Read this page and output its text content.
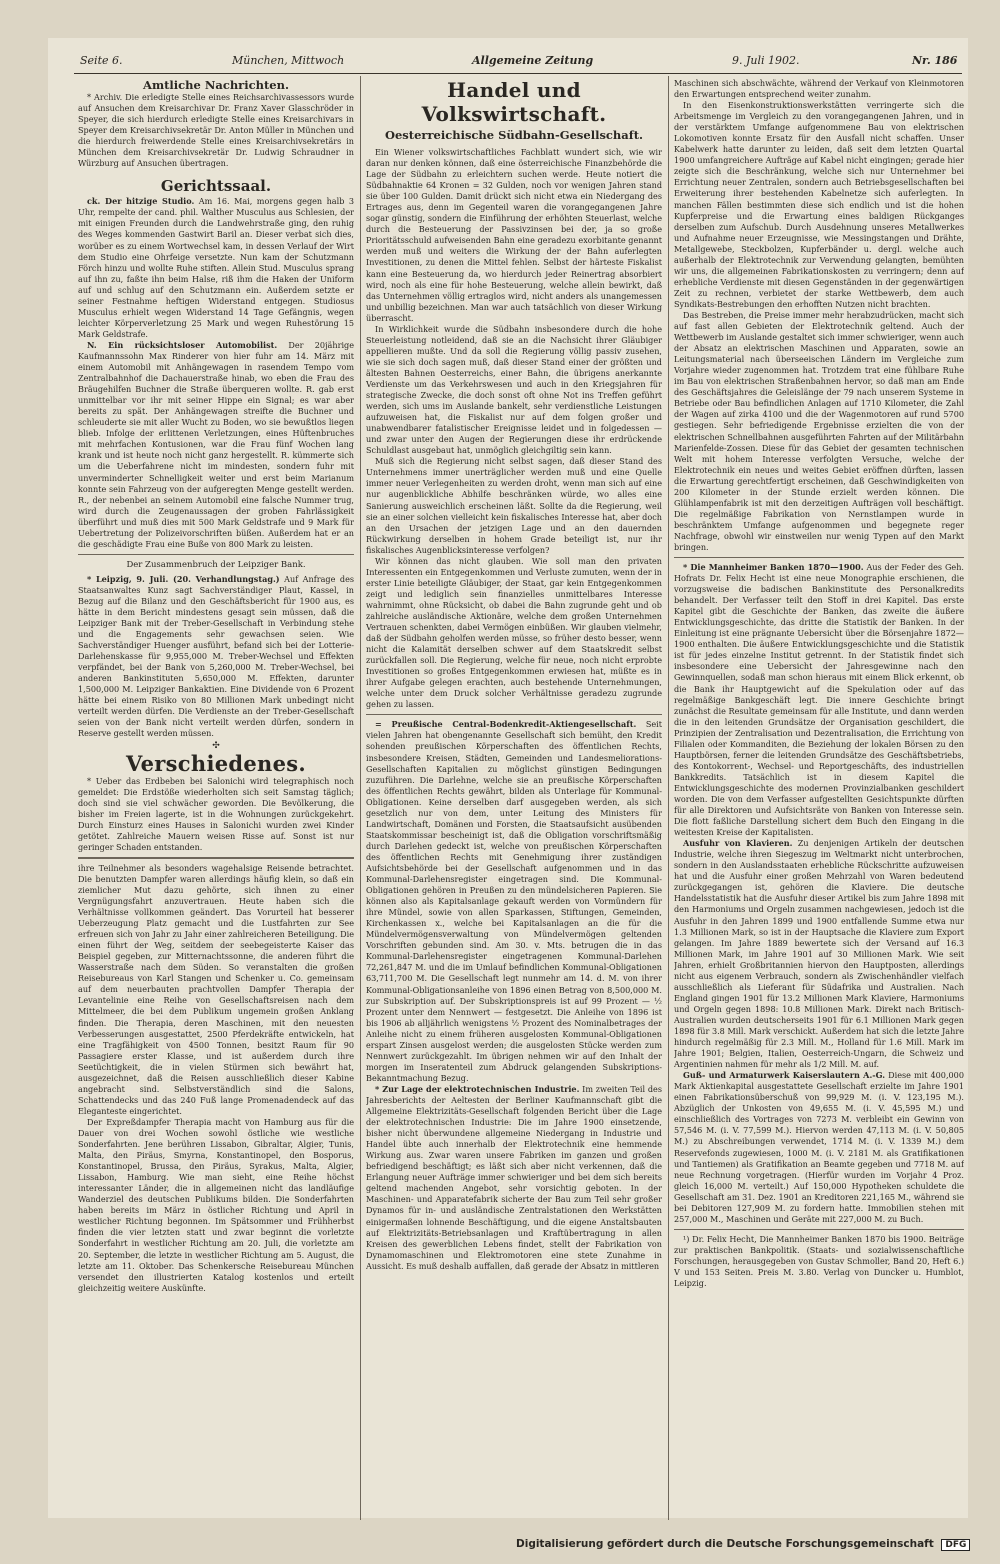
Seite 6.	München, Mittwoch	Allgemeine Zeitung	9. Juli 1902.	Nr. 186
Amtliche Nachrichten.

* Archiv. Die erledigte Stelle eines Reichsarchivassessors wurde auf Ansuchen dem Kreisarchivar Dr. Franz Xaver Glasschröder in Speyer, die sich hierdurch erledigte Stelle eines Kreisarchivars in Speyer dem Kreisarchivsekretär Dr. Anton Müller in München und die hierdurch freiwerdende Stelle eines Kreisarchivsekretärs in München dem Kreisarchivsekretär Dr. Ludwig Schraudner in Würzburg auf Ansuchen übertragen.

Gerichtssaal.

ck. Der hitzige Studio. Am 16. Mai, morgens gegen halb 3 Uhr, rempelte der cand. phil. Walther Musculus aus Schlesien, der mit einigen Freunden durch die Landwehrstraße ging, den ruhig des Weges kommenden Gastwirt Baril an. Dieser verbat sich dies, worüber es zu einem Wortwechsel kam, in dessen Verlauf der Wirt dem Studio eine Ohrfeige versetzte. Nun kam der Schutzmann Förch hinzu und wollte Ruhe stiften. Allein Stud. Musculus sprang auf ihn zu, faßte ihn beim Halse, riß ihm die Haken der Uniform auf und schlug auf den Schutzmann ein. Außerdem setzte er seiner Festnahme heftigen Widerstand entgegen. Studiosus Musculus erhielt wegen Widerstand 14 Tage Gefängnis, wegen leichter Körperverletzung 25 Mark und wegen Ruhestörung 15 Mark Geldstrafe.

N. Ein rücksichtsloser Automobilist. Der 20jährige Kaufmannssohn Max Rinderer von hier fuhr am 14. März mit einem Automobil mit Anhängewagen in rasendem Tempo vom Zentralbahnhof die Dachauerstraße hinab, wo eben die Frau des Bräugehilfen Buchner die Straße überqueren wollte. R. gab erst unmittelbar vor ihr mit seiner Hippe ein Signal; es war aber bereits zu spät. Der Anhängewagen streifte die Buchner und schleuderte sie mit aller Wucht zu Boden, wo sie bewußtlos liegen blieb. Infolge der erlittenen Verletzungen, eines Hüftenbruches mit mehrfachen Kontusionen, war die Frau fünf Wochen lang krank und ist heute noch nicht ganz hergestellt. R. kümmerte sich um die Ueberfahrene nicht im mindesten, sondern fuhr mit unverminderter Schnelligkeit weiter und erst beim Marianum konnte sein Fahrzeug von der aufgeregten Menge gestellt werden. R., der nebenbei an seinem Automobil eine falsche Nummer trug, wird durch die Zeugenaussagen der groben Fahrlässigkeit überführt und muß dies mit 500 Mark Geldstrafe und 9 Mark für Uebertretung der Polizeivorschriften büßen. Außerdem hat er an die geschädigte Frau eine Buße von 800 Mark zu leisten.

Der Zusammenbruch der Leipziger Bank.

* Leipzig, 9. Juli. (20. Verhandlungstag.) Auf Anfrage des Staatsanwaltes Kunz sagt Sachverständiger Plaut, Kassel, in Bezug auf die Bilanz und den Geschäftsbericht für 1900 aus, es hätte in dem Bericht mindestens gesagt sein müssen, daß die Leipziger Bank mit der Treber-Gesellschaft in Verbindung stehe und die Engagements sehr gewachsen seien. Wie Sachverständiger Huenger ausführt, befand sich bei der Lotterie-Darlehenskasse für 9,955,000 M. Treber-Wechsel und Effekten verpfändet, bei der Bank von 5,260,000 M. Treber-Wechsel, bei anderen Bankinstituten 5,650,000 M. Effekten, darunter 1,500,000 M. Leipziger Bankaktien. Eine Dividende von 6 Prozent hätte bei einem Risiko von 80 Millionen Mark unbedingt nicht verteilt werden dürfen. Die Verdienste an der Treber-Gesellschaft seien von der Bank nicht verteilt werden dürfen, sondern in Reserve gestellt werden müssen.

✣
Verschiedenes.

* Ueber das Erdbeben bei Salonichi wird telegraphisch noch gemeldet: Die Erdstöße wiederholten sich seit Samstag täglich; doch sind sie viel schwächer geworden. Die Bevölkerung, die bisher im Freien lagerte, ist in die Wohnungen zurückgekehrt. Durch Einsturz eines Hauses in Salonichi wurden zwei Kinder getötet. Zahlreiche Mauern weisen Risse auf. Sonst ist nur geringer Schaden entstanden.

ihre Teilnehmer als besonders wagehalsige Reisende betrachtet. Die benutzten Dampfer waren allerdings häufig klein, so daß ein ziemlicher Mut dazu gehörte, sich ihnen zu einer Vergnügungsfahrt anzuvertrauen. Heute haben sich die Verhältnisse vollkommen geändert. Das Vorurteil hat besserer Ueberzeugung Platz gemacht und die Lustfahrten zur See erfreuen sich von Jahr zu Jahr einer zahlreicheren Beteiligung. Die einen führt der Weg, seitdem der seebegeisterte Kaiser das Beispiel gegeben, zur Mitternachtssonne, die anderen führt die Wasserstraße nach dem Süden. So veranstalten die großen Reisebureaus von Karl Stangen und Schenker u. Co. gemeinsam auf dem neuerbauten prachtvollen Dampfer Therapia der Levantelinie eine Reihe von Gesellschaftsreisen nach dem Mittelmeer, die bei dem Publikum ungemein großen Anklang finden. Die Therapia, deren Maschinen, mit den neuesten Verbesserungen ausgestattet, 2500 Pferdekräfte entwickeln, hat eine Tragfähigkeit von 4500 Tonnen, besitzt Raum für 90 Passagiere erster Klasse, und ist außerdem durch ihre Seetüchtigkeit, die in vielen Stürmen sich bewährt hat, ausgezeichnet, daß die Reisen ausschließlich dieser Kabine angebracht sind. Selbstverständlich sind die Salons, Schattendecks und das 240 Fuß lange Promenadendeck auf das Eleganteste eingerichtet.

Der Expreßdampfer Therapia macht von Hamburg aus für die Dauer von drei Wochen sowohl östliche wie westliche Sonderfahrten. Jene berühren Lissabon, Gibraltar, Algier, Tunis, Malta, den Piräus, Smyrna, Konstantinopel, den Bosporus, Konstantinopel, Brussa, den Piräus, Syrakus, Malta, Algier, Lissabon, Hamburg. Wie man sieht, eine Reihe höchst interessanter Länder, die in allgemeinen nicht das landläufige Wanderziel des deutschen Publikums bilden. Die Sonderfahrten haben bereits im März in östlicher Richtung und April in westlicher Richtung begonnen. Im Spätsommer und Frühherbst finden die vier letzten statt und zwar beginnt die vorletzte Sonderfahrt in westlicher Richtung am 20. Juli, die vorletzte am 20. September, die letzte in westlicher Richtung am 5. August, die letzte am 11. Oktober. Das Schenkersche Reisebureau München versendet den illustrierten Katalog kostenlos und erteilt gleichzeitig weitere Auskünfte.

Handel und Volkswirtschaft.
Oesterreichische Südbahn-Gesellschaft.

Ein Wiener volkswirtschaftliches Fachblatt wundert sich, wie wir daran nur denken können, daß eine österreichische Finanzbehörde die Lage der Südbahn zu erleichtern suchen werde. Heute notiert die Südbahnaktie 64 Kronen = 32 Gulden, noch vor wenigen Jahren stand sie über 100 Gulden. Damit drückt sich nicht etwa ein Niedergang des Ertrages aus, denn im Gegenteil waren die vorangegangenen Jahre sogar günstig, sondern die Einführung der erhöhten Steuerlast, welche durch die Besteuerung der Passivzinsen bei der, ja so große Prioritätsschuld aufweisenden Bahn eine geradezu exorbitante genannt werden muß und weiters die Wirkung der der Bahn auferlegten Investitionen, zu denen die Mittel fehlen. Selbst der härteste Fiskalist kann eine Besteuerung da, wo hierdurch jeder Reinertrag absorbiert wird, noch als eine für hohe Besteuerung, welche allein bewirkt, daß das Unternehmen völlig ertraglos wird, nicht anders als unangemessen und unbillig bezeichnen. Man war auch tatsächlich von dieser Wirkung überrascht.

In Wirklichkeit wurde die Südbahn insbesondere durch die hohe Steuerleistung notleidend, daß sie an die Nachsicht ihrer Gläubiger appellieren mußte. Und da soll die Regierung völlig passiv zusehen, wie sie sich doch sagen muß, daß dieser Stand einer der größten und ältesten Bahnen Oesterreichs, einer Bahn, die übrigens anerkannte Verdienste um das Verkehrswesen und auch in den Kriegsjahren für strategische Zwecke, die doch sonst oft ohne Not ins Treffen geführt werden, sich ums im Auslande bankelt, sehr verdienstliche Leistungen aufzuweisen hat, die Fiskalist nur auf dem folgen großer und unabwendbarer fatalistischer Ereignisse leidet und in folgedessen — und zwar unter den Augen der Regierungen diese ihr erdrückende Schuldlast ausgebaut hat, unmöglich gleichgiltig sein kann.

Muß sich die Regierung nicht selbst sagen, daß dieser Stand des Unternehmens immer unerträglicher werden muß und eine Quelle immer neuer Verlegenheiten zu werden droht, wenn man sich auf eine nur augenblickliche Abhilfe beschränken würde, wo alles eine Sanierung ausweichlich erscheinen läßt. Sollte da die Regierung, weil sie an einer solchen vielleicht kein fiskalisches Interesse hat, aber doch an den Ursachen der jetzigen Lage und an den dauernden Rückwirkung derselben in hohem Grade beteiligt ist, nur ihr fiskalisches Augenblicksinteresse verfolgen?

Wir können das nicht glauben. Wie soll man den privaten Interessenten ein Entgegenkommen und Verluste zumuten, wenn der in erster Linie beteiligte Gläubiger, der Staat, gar kein Entgegenkommen zeigt und lediglich sein finanzielles unmittelbares Interesse wahrnimmt, ohne Rücksicht, ob dabei die Bahn zugrunde geht und ob zahlreiche ausländische Aktionäre, welche dem großen Unternehmen Vertrauen schenkten, dabei Vermögen einbüßen. Wir glauben vielmehr, daß der Südbahn geholfen werden müsse, so früher desto besser, wenn nicht die Kalamität derselben schwer auf dem Staatskredit selbst zurückfallen soll. Die Regierung, welche für neue, noch nicht erprobte Investitionen so großes Entgegenkommen erwiesen hat, müßte es in ihrer Aufgabe gelegen erachten, auch bestehende Unternehmungen, welche unter dem Druck solcher Verhältnisse geradezu zugrunde gehen zu lassen.

= Preußische Central-Bodenkredit-Aktiengesellschaft. Seit vielen Jahren hat obengenannte Gesellschaft sich bemüht, den Kredit sohenden preußischen Körperschaften des öffentlichen Rechts, insbesondere Kreisen, Städten, Gemeinden und Landesmeliorations-Gesellschaften Kapitalien zu möglichst günstigen Bedingungen zuzuführen. Die Darlehne, welche sie an preußische Körperschaften des öffentlichen Rechts gewährt, bilden als Unterlage für Kommunal-Obligationen. Keine derselben darf ausgegeben werden, als sich gesetzlich nur von dem, unter Leitung des Ministers für Landwirtschaft, Domänen und Forsten, die Staatsaufsicht ausübenden Staatskommissar bescheinigt ist, daß die Obligation vorschriftsmäßig durch Darlehen gedeckt ist, welche von preußischen Körperschaften des öffentlichen Rechts mit Genehmigung ihrer zuständigen Aufsichtsbehörde bei der Gesellschaft aufgenommen und in das Kommunal-Darlehensregister eingetragen sind. Die Kommunal-Obligationen gehören in Preußen zu den mündelsicheren Papieren. Sie können also als Kapitalsanlage gekauft werden von Vormündern für ihre Mündel, sowie von allen Sparkassen, Stiftungen, Gemeinden, Kirchenkassen x., welche bei Kapitalsanlagen an die für die Mündelvermögensverwaltung von Mündelvermögen geltenden Vorschriften gebunden sind. Am 30. v. Mts. betrugen die in das Kommunal-Darlehensregister eingetragenen Kommunal-Darlehen 72,261,847 M. und die im Umlauf befindlichen Kommunal-Obligationen 63,711,700 M. Die Gesellschaft legt nunmehr am 14. d. M. von ihrer Kommunal-Obligationsanleihe von 1896 einen Betrag von 8,500,000 M. zur Subskription auf. Der Subskriptionspreis ist auf 99 Prozent — ½ Prozent unter dem Nennwert — festgesetzt. Die Anleihe von 1896 ist bis 1906 ab alljährlich wenigstens ½ Prozent des Nominalbetrages der Anleihe nicht zu einem früheren ausgelosten Kommunal-Obligationen erspart Zinsen ausgelost werden; die ausgelosten Stücke werden zum Nennwert zurückgezahlt. Im übrigen nehmen wir auf den Inhalt der morgen im Inseratenteil zum Abdruck gelangenden Subskriptions-Bekanntmachung Bezug.

* Zur Lage der elektrotechnischen Industrie. Im zweiten Teil des Jahresberichts der Aeltesten der Berliner Kaufmannschaft gibt die Allgemeine Elektrizitäts-Gesellschaft folgenden Bericht über die Lage der elektrotechnischen Industrie: Die im Jahre 1900 einsetzende, bisher nicht überwundene allgemeine Niedergang in Industrie und Handel übte auch innerhalb der Elektrotechnik eine hemmende Wirkung aus. Zwar waren unsere Fabriken im ganzen und großen befriedigend beschäftigt; es läßt sich aber nicht verkennen, daß die Erlangung neuer Aufträge immer schwieriger und bei dem sich bereits geltend machenden Angebot, sehr vorsichtig geboten. In der Maschinen- und Apparatefabrik sicherte der Bau zum Teil sehr großer Dynamos für in- und ausländische Zentralstationen den Werkstätten einigermaßen lohnende Beschäftigung, und die eigene Anstaltsbauten auf Elektrizitäts-Betriebsanlagen und Kraftübertragung in allen Kreisen des gewerblichen Lebens findet, stellt der Fabrikation von Dynamomaschinen und Elektromotoren eine stete Zunahme in Aussicht. Es muß deshalb auffallen, daß gerade der Absatz in mittleren

Maschinen sich abschwächte, während der Verkauf von Kleinmotoren den Erwartungen entsprechend weiter zunahm.

In den Eisenkonstruktionswerkstätten verringerte sich die Arbeitsmenge im Vergleich zu den vorangegangenen Jahren, und in der verstärktem Umfange aufgenommene Bau von elektrischen Lokomotiven konnte Ersatz für den Ausfall nicht schaffen. Unser Kabelwerk hatte darunter zu leiden, daß seit dem letzten Quartal 1900 umfangreichere Aufträge auf Kabel nicht eingingen; gerade hier zeigte sich die Beschränkung, welche sich nur Unternehmer bei Errichtung neuer Zentralen, sondern auch Betriebsgesellschaften bei Erweiterung ihrer bestehenden Kabelnetze sich auferlegten. In manchen Fällen bestimmten diese sich endlich und ist die hohen Kupferpreise und die Erwartung eines baldigen Rückganges derselben zum Aufschub. Durch Ausdehnung unseres Metallwerkes und Aufnahme neuer Erzeugnisse, wie Messingstangen und Drähte, Metallgewebe, Steckbolzen, Kupferbänder u. dergl. welche auch außerhalb der Elektrotechnik zur Verwendung gelangten, bemühten wir uns, die allgemeinen Fabrikationskosten zu verringern; denn auf erhebliche Verdienste mit diesen Gegenständen in der gegenwärtigen Zeit zu rechnen, verbietet der starke Wettbewerb, dem auch Syndikats-Bestrebungen den erhofften Nutzen nicht brachten.

Das Bestreben, die Preise immer mehr herabzudrücken, macht sich auf fast allen Gebieten der Elektrotechnik geltend. Auch der Wettbewerb im Auslande gestaltet sich immer schwieriger, wenn auch der Absatz an elektrischen Maschinen und Apparaten, sowie an Leitungsmaterial nach überseeischen Ländern im Vergleiche zum Vorjahre wieder zugenommen hat. Trotzdem trat eine fühlbare Ruhe im Bau von elektrischen Straßenbahnen hervor, so daß man am Ende des Geschäftsjahres die Geleislänge der 79 nach unserem Systeme in Betriebe oder Bau befindlichen Anlagen auf 1710 Kilometer, die Zahl der Wagen auf zirka 4100 und die der Wagenmotoren auf rund 5700 gestiegen. Sehr befriedigende Ergebnisse erzielten die von der elektrischen Schnellbahnen ausgeführten Fahrten auf der Militärbahn Marienfelde-Zossen. Diese für das Gebiet der gesamten technischen Welt mit hohem Interesse verfolgten Versuche, welche der Elektrotechnik ein neues und weites Gebiet eröffnen dürften, lassen die Erwartung gerechtfertigt erscheinen, daß Geschwindigkeiten von 200 Kilometer in der Stunde erzielt werden können. Die Glühlampenfabrik ist mit den derzeitigen Aufträgen voll beschäftigt. Die regelmäßige Fabrikation von Nernstlampen wurde in beschränktem Umfange aufgenommen und begegnete reger Nachfrage, obwohl wir einstweilen nur wenig Typen auf den Markt bringen.

* Die Mannheimer Banken 1870—1900. Aus der Feder des Geh. Hofrats Dr. Felix Hecht ist eine neue Monographie erschienen, die vorzugsweise die badischen Bankinstitute des Personalkredits behandelt. Der Verfasser teilt den Stoff in drei Kapitel. Das erste Kapitel gibt die Geschichte der Banken, das zweite die äußere Entwicklungsgeschichte, das dritte die Statistik der Banken. In der Einleitung ist eine prägnante Uebersicht über die Börsenjahre 1872—1900 enthalten. Die äußere Entwicklungsgeschichte und die Statistik ist für jedes einzelne Institut getrennt. In der Statistik findet sich insbesondere eine Uebersicht der Jahresgewinne nach den Gewinnquellen, sodaß man schon hieraus mit einem Blick erkennt, ob die Bank ihr Hauptgewicht auf die Spekulation oder auf das regelmäßige Bankgeschäft legt. Die innere Geschichte bringt zunächst die Resultate gemeinsam für alle Institute, und dann werden die in den leitenden Grundsätze der Organisation geschildert, die Prinzipien der Zentralisation und Dezentralisation, die Errichtung von Filialen oder Kommanditen, die Beziehung der lokalen Börsen zu den Hauptbörsen, ferner die leitenden Grundsätze des Geschäftsbetriebs, des Kontokorrent-, Wechsel- und Reportgeschäfts, des industriellen Bankkredits. Tatsächlich ist in diesem Kapitel die Entwicklungsgeschichte des modernen Provinzialbanken geschildert worden. Die von dem Verfasser aufgestellten Gesichtspunkte dürften für alle Direktoren und Aufsichtsräte von Banken von Interesse sein. Die flott faßliche Darstellung sichert dem Buch den Eingang in die weitesten Kreise der Kapitalisten.

Ausfuhr von Klavieren. Zu denjenigen Artikeln der deutschen Industrie, welche ihren Siegeszug im Weltmarkt nicht unterbrochen, sondern in den Auslandsstaaten erhebliche Rückschritte aufzuweisen hat und die Ausfuhr einer großen Mehrzahl von Waren bedeutend zurückgegangen ist, gehören die Klaviere. Die deutsche Handelsstatistik hat die Ausfuhr dieser Artikel bis zum Jahre 1898 mit den Harmoniums und Orgeln zusammen nachgewiesen, jedoch ist die Ausfuhr in den Jahren 1899 und 1900 entfallende Summe etwa nur 1.3 Millionen Mark, so ist in der Hauptsache die Klaviere zum Export gelangen. Im Jahre 1889 bewertete sich der Versand auf 16.3 Millionen Mark, im Jahre 1901 auf 30 Millionen Mark. Wie seit Jahren, erhielt Großbritannien hiervon den Hauptposten, allerdings nicht aus eigenem Verbrauch, sondern als Zwischenhändler vielfach ausschließlich als Lieferant für Südafrika und Australien. Nach England gingen 1901 für 13.2 Millionen Mark Klaviere, Harmoniums und Orgeln gegen 1898: 10.8 Millionen Mark. Direkt nach Britisch-Australien wurden deutscherseits 1901 für 6.1 Millionen Mark gegen 1898 für 3.8 Mill. Mark verschickt. Außerdem hat sich die letzte Jahre hindurch regelmäßig für 2.3 Mill. M., Holland für 1.6 Mill. Mark im Jahre 1901; Belgien, Italien, Oesterreich-Ungarn, die Schweiz und Argentinien nahmen für mehr als 1/2 Mill. M. auf.

Guß- und Armaturwerk Kaiserslautern A.-G. Diese mit 400,000 Mark Aktienkapital ausgestattete Gesellschaft erzielte im Jahre 1901 einen Fabrikationsüberschuß von 99,929 M. (i. V. 123,195 M.). Abzüglich der Unkosten von 49,655 M. (i. V. 45,595 M.) und einschließlich des Vortrages von 7273 M. verbleibt ein Gewinn von 57,546 M. (i. V. 77,599 M.). Hiervon werden 47,113 M. (i. V. 50,805 M.) zu Abschreibungen verwendet, 1714 M. (i. V. 1339 M.) dem Reservefonds zugewiesen, 1000 M. (i. V. 2181 M. als Gratifikationen und Tantiemen) als Gratifikation an Beamte gegeben und 7718 M. auf neue Rechnung vorgetragen. (Hierfür wurden im Vorjahr 4 Proz. gleich 16,000 M. verteilt.) Auf 150,000 Hypotheken schuldete die Gesellschaft am 31. Dez. 1901 an Kreditoren 221,165 M., während sie bei Debitoren 127,909 M. zu fordern hatte. Immobilien stehen mit 257,000 M., Maschinen und Geräte mit 227,000 M. zu Buch.

¹) Dr. Felix Hecht, Die Mannheimer Banken 1870 bis 1900. Beiträge zur praktischen Bankpolitik. (Staats- und sozialwissenschaftliche Forschungen, herausgegeben von Gustav Schmoller, Band 20, Heft 6.) V und 153 Seiten. Preis M. 3.80. Verlag von Duncker u. Humblot, Leipzig.

Digitalisierung gefördert durch die Deutsche Forschungsgemeinschaft DFG
